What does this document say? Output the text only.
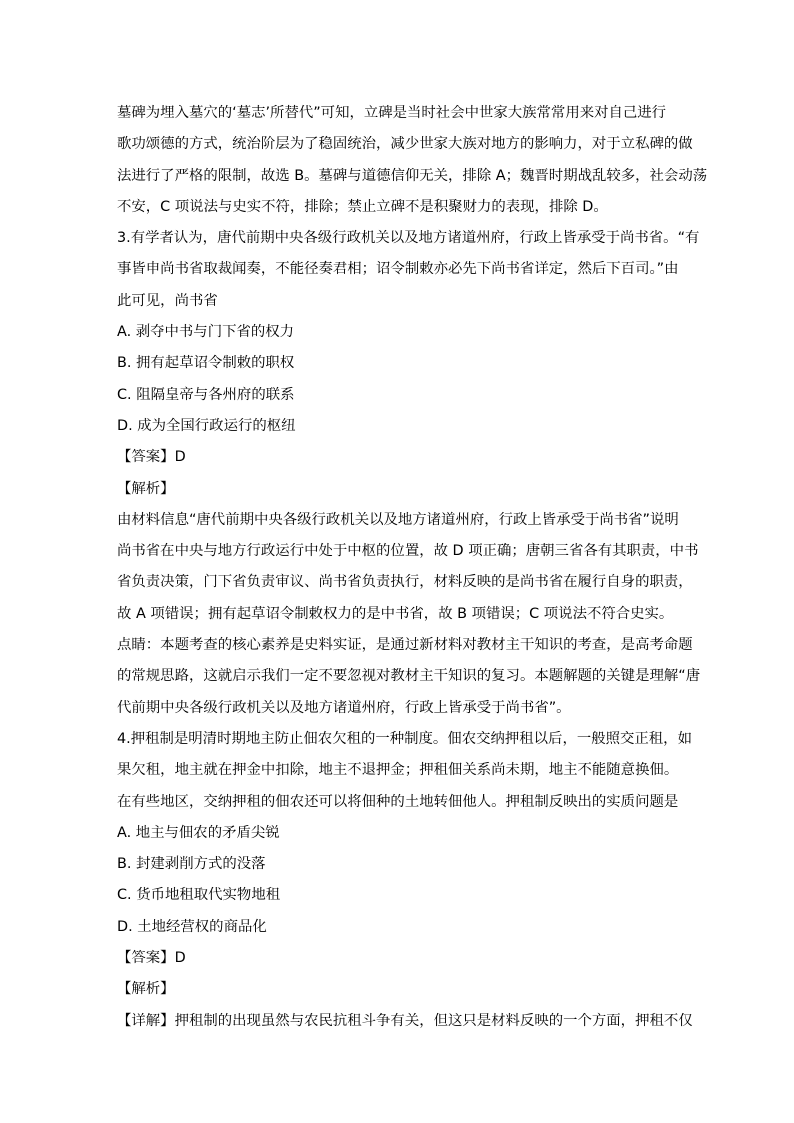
墓碑为埋入墓穴的‘墓志’所替代”可知，立碑是当时社会中世家大族常常用来对自己进行
歌功颂德的方式，统治阶层为了稳固统治，减少世家大族对地方的影响力，对于立私碑的做
法进行了严格的限制，故选 B。墓碑与道德信仰无关，排除 A；魏晋时期战乱较多，社会动荡
不安，C 项说法与史实不符，排除；禁止立碑不是积聚财力的表现，排除 D。
3.有学者认为，唐代前期中央各级行政机关以及地方诸道州府，行政上皆承受于尚书省。“有
事皆申尚书省取裁闻奏，不能径奏君相；诏令制敕亦必先下尚书省详定，然后下百司。”由
此可见，尚书省
A. 剥夺中书与门下省的权力
B. 拥有起草诏令制敕的职权
C. 阻隔皇帝与各州府的联系
D. 成为全国行政运行的枢纽
【答案】D
【解析】
由材料信息“唐代前期中央各级行政机关以及地方诸道州府，行政上皆承受于尚书省”说明
尚书省在中央与地方行政运行中处于中枢的位置，故 D 项正确；唐朝三省各有其职责，中书
省负责决策，门下省负责审议、尚书省负责执行，材料反映的是尚书省在履行自身的职责，
故 A 项错误；拥有起草诏令制敕权力的是中书省，故 B 项错误；C 项说法不符合史实。
点睛：本题考查的核心素养是史料实证，是通过新材料对教材主干知识的考查，是高考命题
的常规思路，这就启示我们一定不要忽视对教材主干知识的复习。本题解题的关键是理解“唐
代前期中央各级行政机关以及地方诸道州府，行政上皆承受于尚书省”。
4.押租制是明清时期地主防止佃农欠租的一种制度。佃农交纳押租以后，一般照交正租，如
果欠租，地主就在押金中扣除，地主不退押金；押租佃关系尚未期，地主不能随意换佃。
在有些地区，交纳押租的佃农还可以将佃种的土地转佃他人。押租制反映出的实质问题是
A. 地主与佃农的矛盾尖锐
B. 封建剥削方式的没落
C. 货币地租取代实物地租
D. 土地经营权的商品化
【答案】D
【解析】
【详解】押租制的出现虽然与农民抗租斗争有关，但这只是材料反映的一个方面，押租不仅
